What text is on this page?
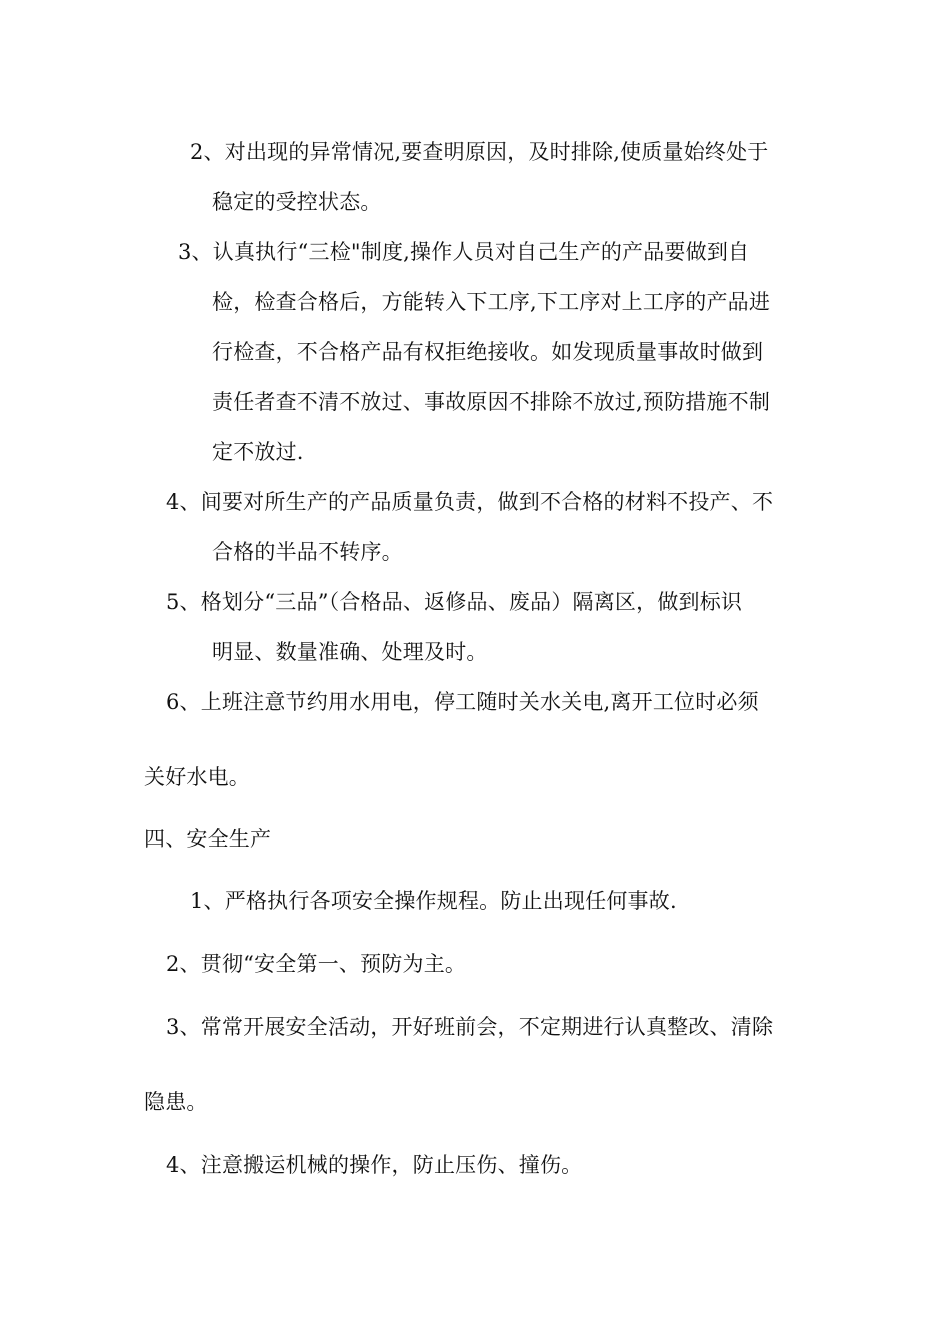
2、对出现的异常情况,要查明原因，及时排除,使质量始终处于
稳定的受控状态。
3、认真执行“三检"制度,操作人员对自己生产的产品要做到自
检，检查合格后，方能转入下工序,下工序对上工序的产品进
行检查，不合格产品有权拒绝接收。如发现质量事故时做到
责任者查不清不放过、事故原因不排除不放过,预防措施不制
定不放过.
4、间要对所生产的产品质量负责，做到不合格的材料不投产、不
合格的半品不转序。
5、格划分“三品”（合格品、返修品、废品）隔离区，做到标识
明显、数量准确、处理及时。
6、上班注意节约用水用电，停工随时关水关电,离开工位时必须
关好水电。
四、安全生产
1、严格执行各项安全操作规程。防止出现任何事故.
2、贯彻“安全第一、预防为主。
3、常常开展安全活动，开好班前会，不定期进行认真整改、清除
隐患。
4、注意搬运机械的操作，防止压伤、撞伤。
